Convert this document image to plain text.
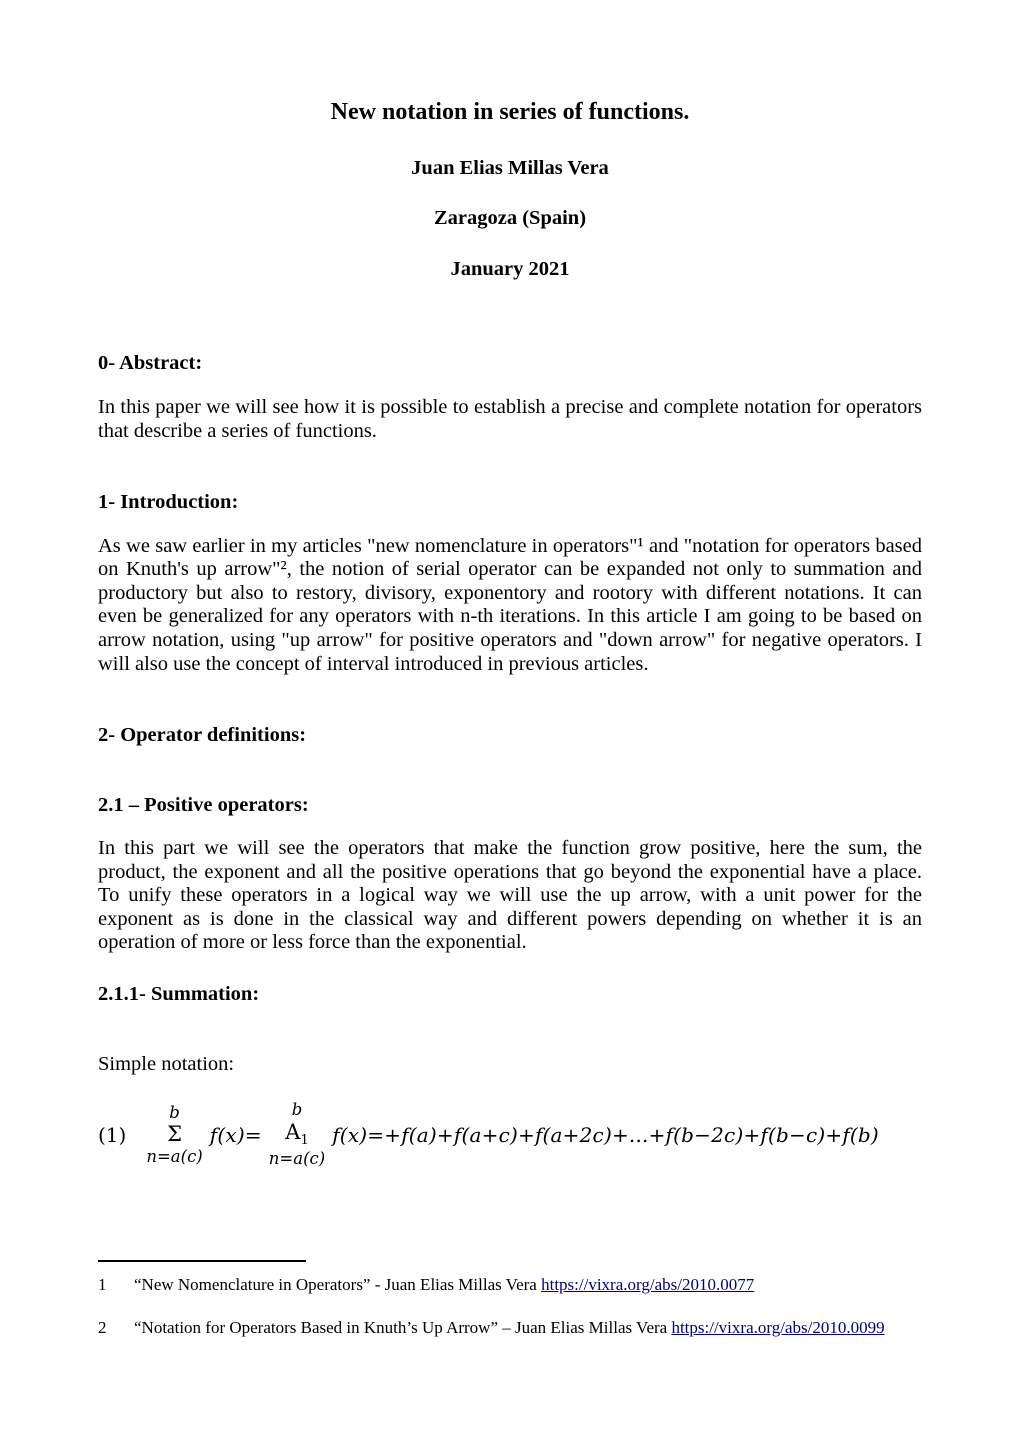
New notation in series of functions.
Juan Elias Millas Vera
Zaragoza (Spain)
January 2021
0- Abstract:

In this paper we will see how it is possible to establish a precise and complete notation for operators that describe a series of functions.

1- Introduction:

As we saw earlier in my articles "new nomenclature in operators"¹ and "notation for operators based on Knuth's up arrow"², the notion of serial operator can be expanded not only to summation and productory but also to restory, divisory, exponentory and rootory with different notations. It can even be generalized for any operators with n-th iterations. In this article I am going to be based on arrow notation, using "up arrow" for positive operators and "down arrow" for negative operators. I will also use the concept of interval introduced in previous articles.

2- Operator definitions:
2.1 – Positive operators:

In this part we will see the operators that make the function grow positive, here the sum, the product, the exponent and all the positive operations that go beyond the exponential have a place. To unify these operators in a logical way we will use the up arrow, with a unit power for the exponent as is done in the classical way and different powers depending on whether it is an operation of more or less force than the exponential.

2.1.1- Summation:
Simple notation:
(1)
b
Σ
n=a(c)
f(x)=
b
$A_1$
n=a(c)
f(x)=+f(a)+f(a+c)+f(a+2c)+...+f(b−2c)+f(b−c)+f(b)
1	“New Nomenclature in Operators” - Juan Elias Millas Vera https://vixra.org/abs/2010.0077
2	“Notation for Operators Based in Knuth’s Up Arrow” – Juan Elias Millas Vera https://vixra.org/abs/2010.0099
